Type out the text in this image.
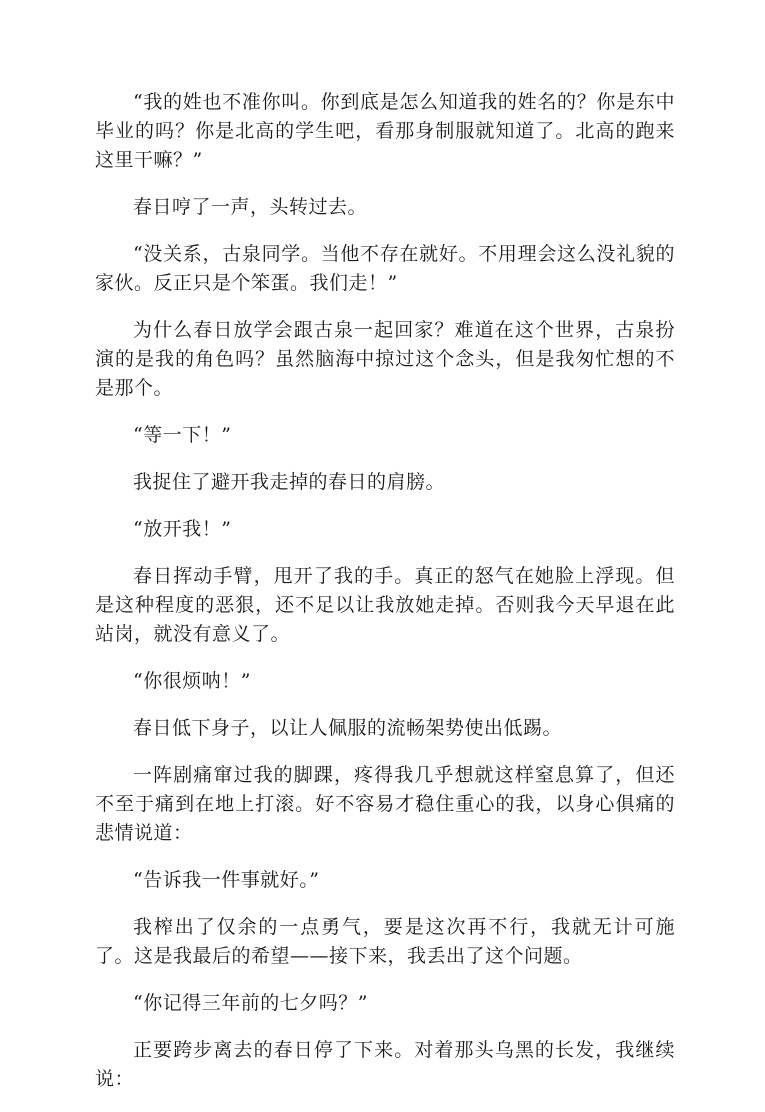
“我的姓也不准你叫。你到底是怎么知道我的姓名的？你是东中毕业的吗？你是北高的学生吧，看那身制服就知道了。北高的跑来这里干嘛？”

春日哼了一声，头转过去。

“没关系，古泉同学。当他不存在就好。不用理会这么没礼貌的家伙。反正只是个笨蛋。我们走！”

为什么春日放学会跟古泉一起回家？难道在这个世界，古泉扮演的是我的角色吗？虽然脑海中掠过这个念头，但是我匆忙想的不是那个。

“等一下！”

我捉住了避开我走掉的春日的肩膀。

“放开我！”

春日挥动手臂，甩开了我的手。真正的怒气在她脸上浮现。但是这种程度的恶狠，还不足以让我放她走掉。否则我今天早退在此站岗，就没有意义了。

“你很烦呐！”

春日低下身子，以让人佩服的流畅架势使出低踢。

一阵剧痛窜过我的脚踝，疼得我几乎想就这样窒息算了，但还不至于痛到在地上打滚。好不容易才稳住重心的我，以身心俱痛的悲情说道：

“告诉我一件事就好。”

我榨出了仅余的一点勇气，要是这次再不行，我就无计可施了。这是我最后的希望——接下来，我丢出了这个问题。

“你记得三年前的七夕吗？”

正要跨步离去的春日停了下来。对着那头乌黑的长发，我继续说：
